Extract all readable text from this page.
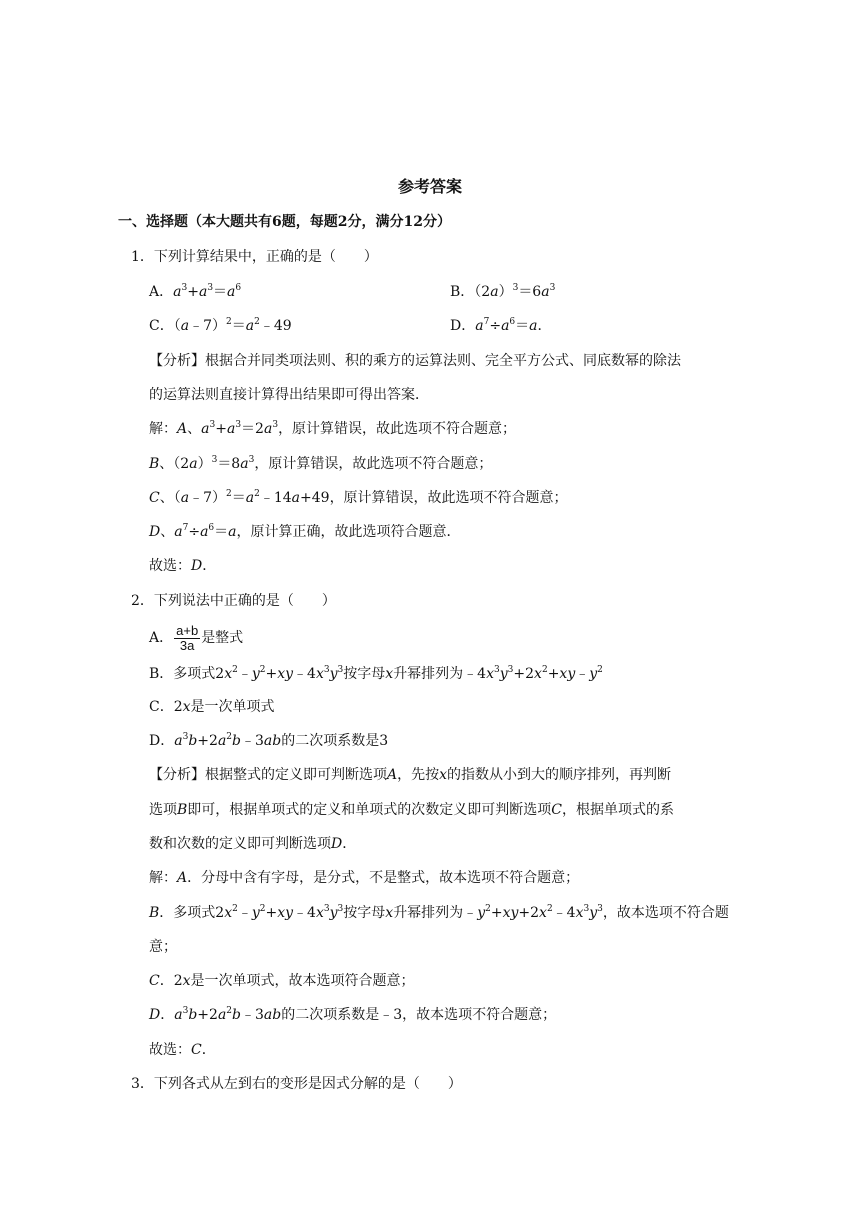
参考答案
一、选择题（本大题共有6题，每题2分，满分12分）
1．下列计算结果中，正确的是（　　）
A．$a^3+a^3=a^6$	B．$(2a)^3=6a^3$
C．$(a﹣7)^2=a^2﹣49$	D．$a^7\div a^6=a$．
【分析】根据合并同类项法则、积的乘方的运算法则、完全平方公式、同底数幂的除法
的运算法则直接计算得出结果即可得出答案．
解：A、$a^3+a^3=2a^3$，原计算错误，故此选项不符合题意；
B、$(2a)^3=8a^3$，原计算错误，故此选项不符合题意；
C、$(a﹣7)^2=a^2﹣14a+49$，原计算错误，故此选项不符合题意；
D、$a^7\div a^6=a$，原计算正确，故此选项符合题意．
故选：D．
2．下列说法中正确的是（　　）
A． $\frac{a+b}{3a}$ 是整式
B．多项式$2x^2﹣y^2+xy﹣4x^3y^3$按字母x升幂排列为$﹣4x^3y^3+2x^2+xy﹣y^2$
C．2x是一次单项式
D．$a^3b+2a^2b﹣3ab$的二次项系数是3
【分析】根据整式的定义即可判断选项A，先按x的指数从小到大的顺序排列，再判断
选项B即可，根据单项式的定义和单项式的次数定义即可判断选项C，根据单项式的系
数和次数的定义即可判断选项D．
解：A．分母中含有字母，是分式，不是整式，故本选项不符合题意；
B．多项式$2x^2﹣y^2+xy﹣4x^3y^3$按字母x升幂排列为$﹣y^2+xy+2x^2﹣4x^3y^3$，故本选项不符合题
意；
C．2x是一次单项式，故本选项符合题意；
D．$a^3b+2a^2b﹣3ab$的二次项系数是﹣3，故本选项不符合题意；
故选：C．
3．下列各式从左到右的变形是因式分解的是（　　）
